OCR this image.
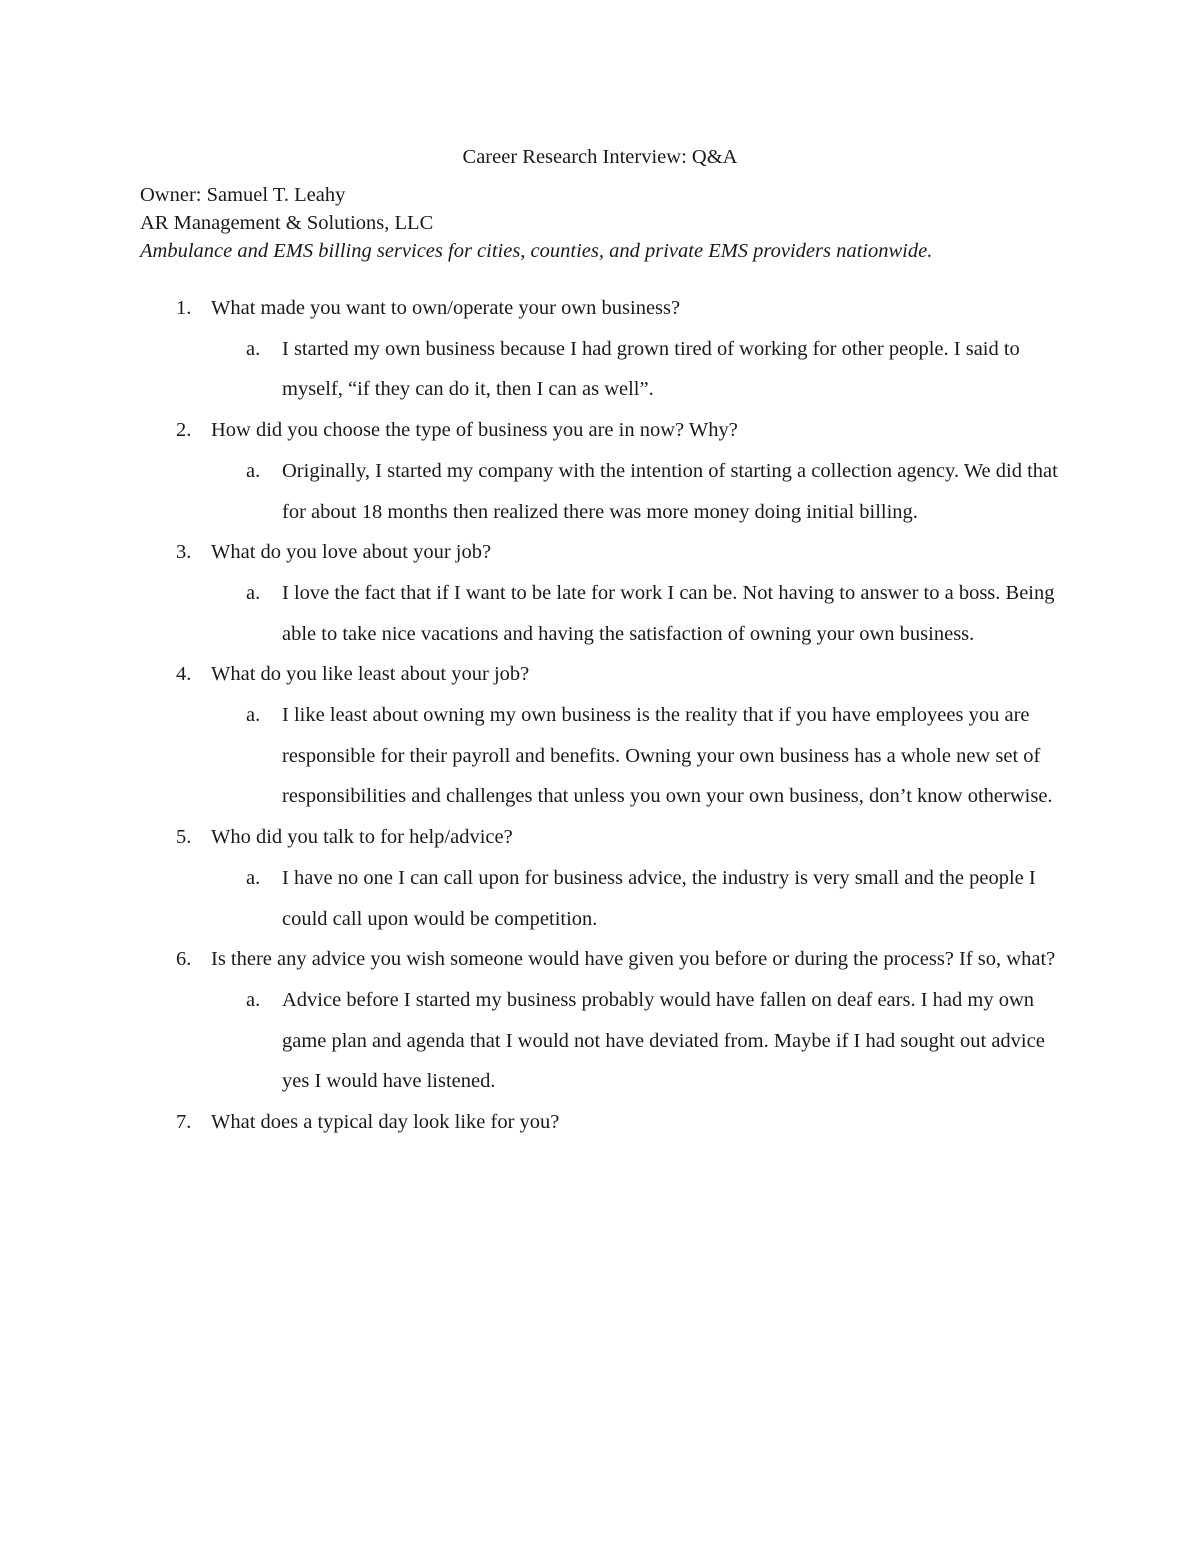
Career Research Interview: Q&A
Owner: Samuel T. Leahy
AR Management & Solutions, LLC
Ambulance and EMS billing services for cities, counties, and private EMS providers nationwide.
1. What made you want to own/operate your own business?
a. I started my own business because I had grown tired of working for other people. I said to myself, “if they can do it, then I can as well”.
2. How did you choose the type of business you are in now? Why?
a. Originally, I started my company with the intention of starting a collection agency. We did that for about 18 months then realized there was more money doing initial billing.
3. What do you love about your job?
a. I love the fact that if I want to be late for work I can be. Not having to answer to a boss. Being able to take nice vacations and having the satisfaction of owning your own business.
4. What do you like least about your job?
a. I like least about owning my own business is the reality that if you have employees you are responsible for their payroll and benefits. Owning your own business has a whole new set of responsibilities and challenges that unless you own your own business, don’t know otherwise.
5. Who did you talk to for help/advice?
a. I have no one I can call upon for business advice, the industry is very small and the people I could call upon would be competition.
6. Is there any advice you wish someone would have given you before or during the process? If so, what?
a. Advice before I started my business probably would have fallen on deaf ears. I had my own game plan and agenda that I would not have deviated from. Maybe if I had sought out advice yes I would have listened.
7. What does a typical day look like for you?
